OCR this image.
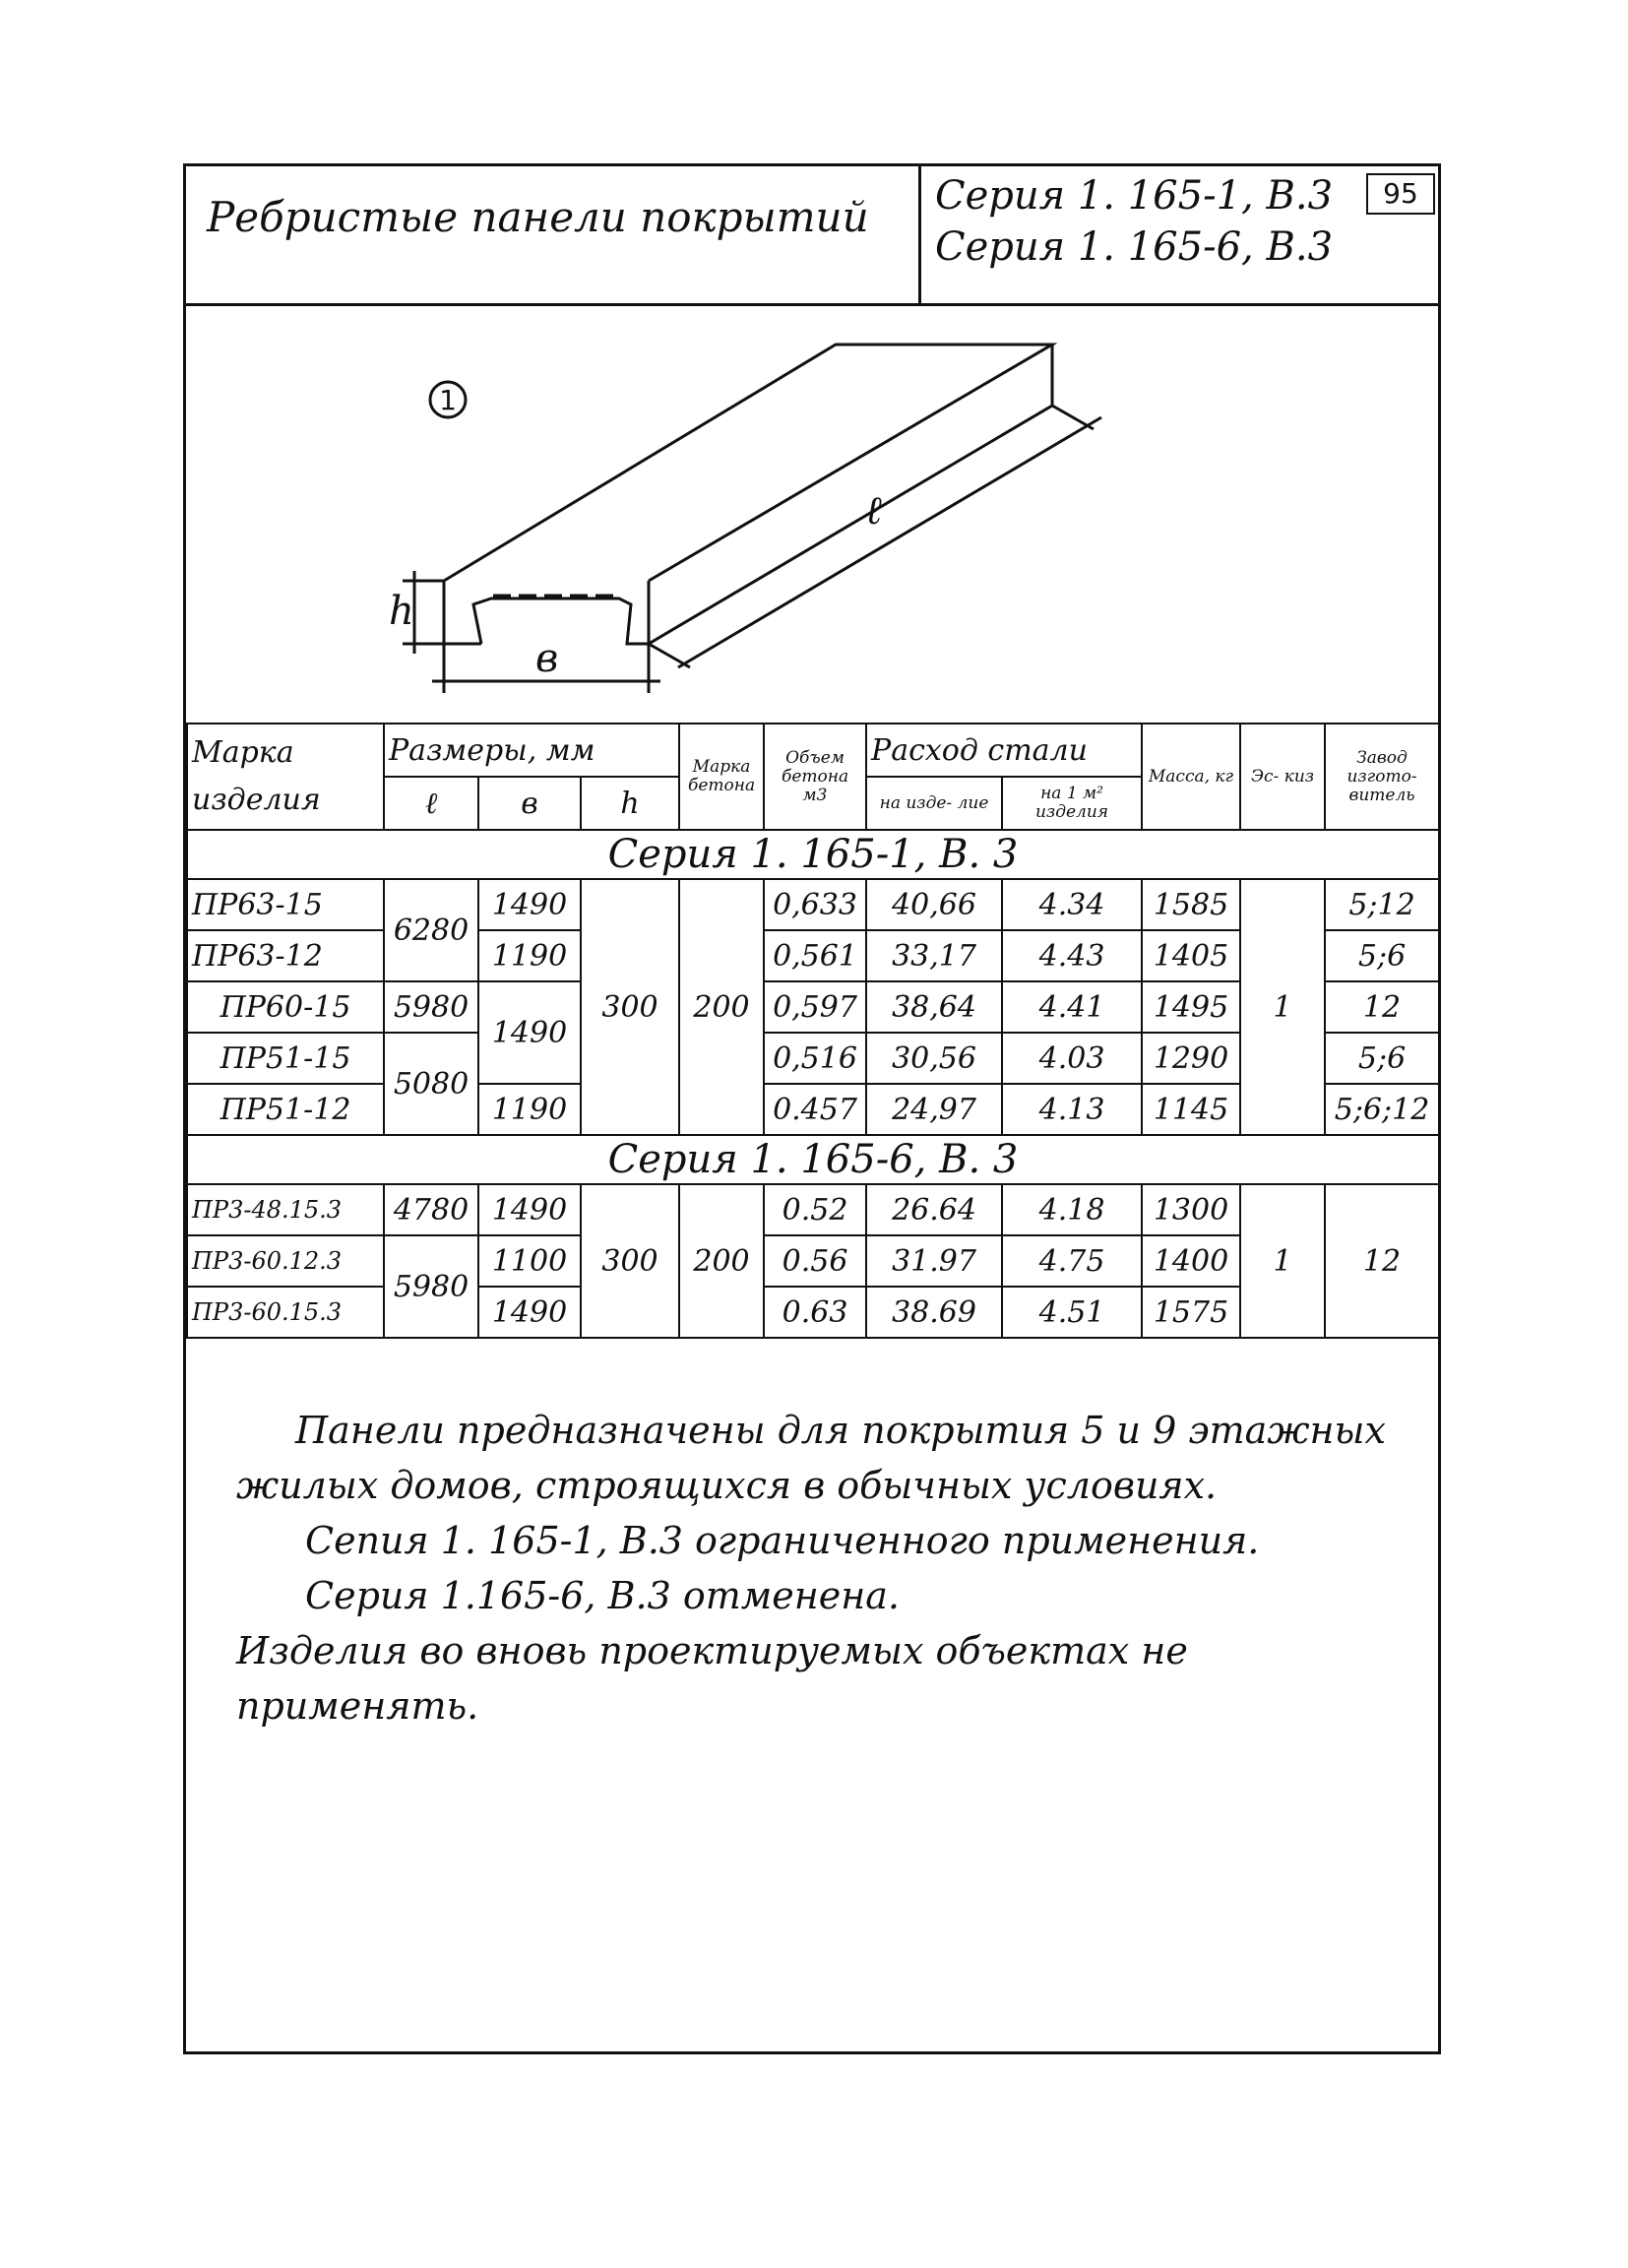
Ребристые панели покрытий Серия 1. 165-1, В.3
Серия 1. 165-6, В.3
95
1
h
в
ℓ
Марка изделия	Размеры, мм			Марка бетона	Объем бетона м3	Расход стали		Масса, кг	Эс- киз	Завод изгото- витель
	ℓ	в	h			на изде- лие	на 1 м² изделия			
Серия 1. 165-1, В. 3										
ПР63-15	6280	1490	300	200	0,633	40,66	4.34	1585	1	5;12
ПР63-12		1190			0,561	33,17	4.43	1405		5;6
ПР60-15	5980	1490			0,597	38,64	4.41	1495		12
ПР51-15	5080				0,516	30,56	4.03	1290		5;6
ПР51-12		1190			0.457	24,97	4.13	1145		5;6;12
Серия 1. 165-6, В. 3										
ПР3-48.15.3	4780	1490	300	200	0.52	26.64	4.18	1300	1	12
ПР3-60.12.3	5980	1100			0.56	31.97	4.75	1400		
ПР3-60.15.3		1490			0.63	38.69	4.51	1575		

Панели предназначены для покрытия 5 и 9 этажных жилых домов, строящихся в обычных условиях.

Сепия 1. 165-1, В.3 ограниченного применения.

Серия 1.165-6, В.3 отменена.

Изделия во вновь проектируемых объектах не применять.
